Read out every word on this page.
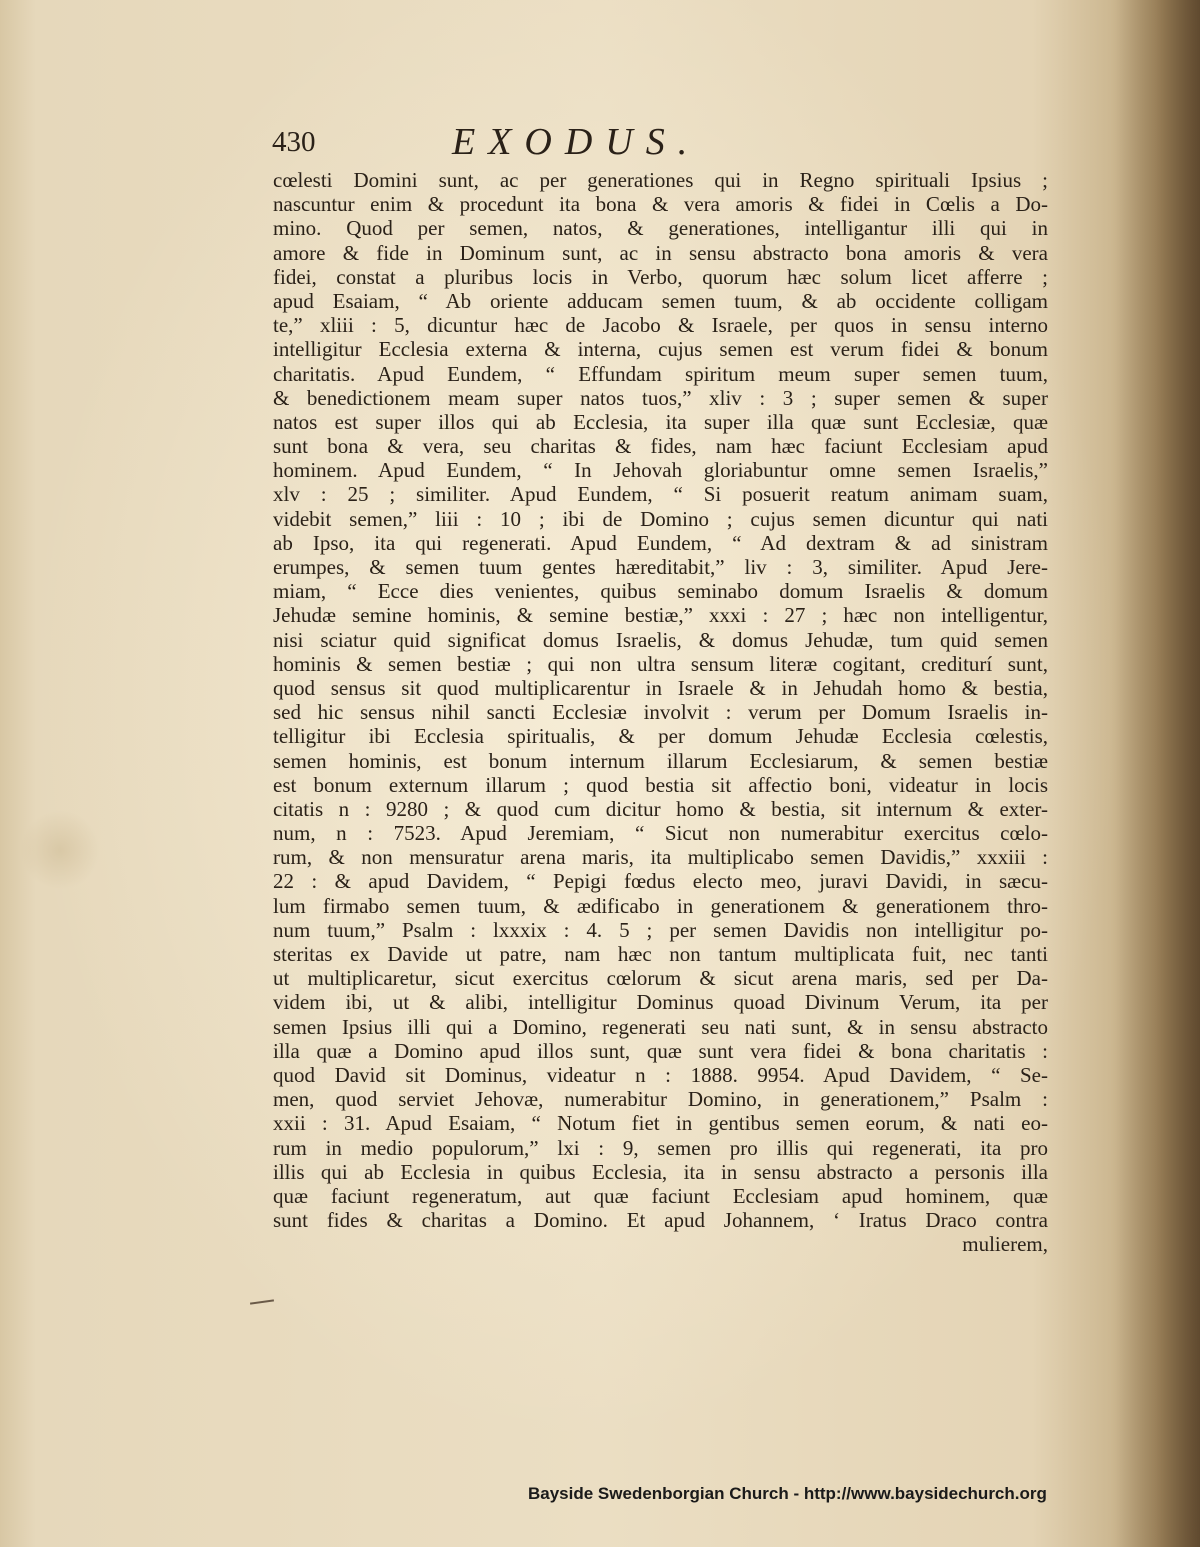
430	EXODUS.
cœlesti Domini sunt, ac per generationes qui in Regno spirituali Ipsius ;
nascuntur enim & procedunt ita bona & vera amoris & fidei in Cœlis a Do-
mino. Quod per semen, natos, & generationes, intelligantur illi qui in
amore & fide in Dominum sunt, ac in sensu abstracto bona amoris & vera
fidei, constat a pluribus locis in Verbo, quorum hæc solum licet afferre ;
apud Esaiam, “ Ab oriente adducam semen tuum, & ab occidente colligam
te,” xliii : 5, dicuntur hæc de Jacobo & Israele, per quos in sensu interno
intelligitur Ecclesia externa & interna, cujus semen est verum fidei & bonum
charitatis. Apud Eundem, “ Effundam spiritum meum super semen tuum,
& benedictionem meam super natos tuos,” xliv : 3 ; super semen & super
natos est super illos qui ab Ecclesia, ita super illa quæ sunt Ecclesiæ, quæ
sunt bona & vera, seu charitas & fides, nam hæc faciunt Ecclesiam apud
hominem. Apud Eundem, “ In Jehovah gloriabuntur omne semen Israelis,”
xlv : 25 ; similiter. Apud Eundem, “ Si posuerit reatum animam suam,
videbit semen,” liii : 10 ; ibi de Domino ; cujus semen dicuntur qui nati
ab Ipso, ita qui regenerati. Apud Eundem, “ Ad dextram & ad sinistram
erumpes, & semen tuum gentes hæreditabit,” liv : 3, similiter. Apud Jere-
miam, “ Ecce dies venientes, quibus seminabo domum Israelis & domum
Jehudæ semine hominis, & semine bestiæ,” xxxi : 27 ; hæc non intelligentur,
nisi sciatur quid significat domus Israelis, & domus Jehudæ, tum quid semen
hominis & semen bestiæ ; qui non ultra sensum literæ cogitant, crediturí sunt,
quod sensus sit quod multiplicarentur in Israele & in Jehudah homo & bestia,
sed hic sensus nihil sancti Ecclesiæ involvit : verum per Domum Israelis in-
telligitur ibi Ecclesia spiritualis, & per domum Jehudæ Ecclesia cœlestis,
semen hominis, est bonum internum illarum Ecclesiarum, & semen bestiæ
est bonum externum illarum ; quod bestia sit affectio boni, videatur in locis
citatis n : 9280 ; & quod cum dicitur homo & bestia, sit internum & exter-
num, n : 7523. Apud Jeremiam, “ Sicut non numerabitur exercitus cœlo-
rum, & non mensuratur arena maris, ita multiplicabo semen Davidis,” xxxiii :
22 : & apud Davidem, “ Pepigi fœdus electo meo, juravi Davidi, in sæcu-
lum firmabo semen tuum, & ædificabo in generationem & generationem thro-
num tuum,” Psalm : lxxxix : 4. 5 ; per semen Davidis non intelligitur po-
steritas ex Davide ut patre, nam hæc non tantum multiplicata fuit, nec tanti
ut multiplicaretur, sicut exercitus cœlorum & sicut arena maris, sed per Da-
videm ibi, ut & alibi, intelligitur Dominus quoad Divinum Verum, ita per
semen Ipsius illi qui a Domino, regenerati seu nati sunt, & in sensu abstracto
illa quæ a Domino apud illos sunt, quæ sunt vera fidei & bona charitatis :
quod David sit Dominus, videatur n : 1888. 9954. Apud Davidem, “ Se-
men, quod serviet Jehovæ, numerabitur Domino, in generationem,” Psalm :
xxii : 31. Apud Esaiam, “ Notum fiet in gentibus semen eorum, & nati eo-
rum in medio populorum,” lxi : 9, semen pro illis qui regenerati, ita pro
illis qui ab Ecclesia in quibus Ecclesia, ita in sensu abstracto a personis illa
quæ faciunt regeneratum, aut quæ faciunt Ecclesiam apud hominem, quæ
sunt fides & charitas a Domino. Et apud Johannem, ‘ Iratus Draco contra
mulierem,
Bayside Swedenborgian Church - http://www.baysidechurch.org
